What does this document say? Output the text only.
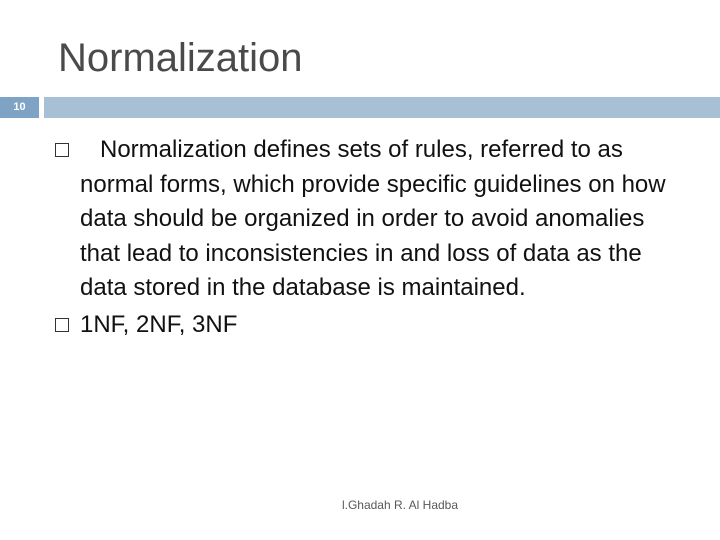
Normalization
10
Normalization defines sets of rules, referred to as normal forms, which provide specific guidelines on how data should be organized in order to avoid anomalies that lead to inconsistencies in and loss of data as the data stored in the database is maintained.
1NF, 2NF, 3NF
l.Ghadah R. Al Hadba
